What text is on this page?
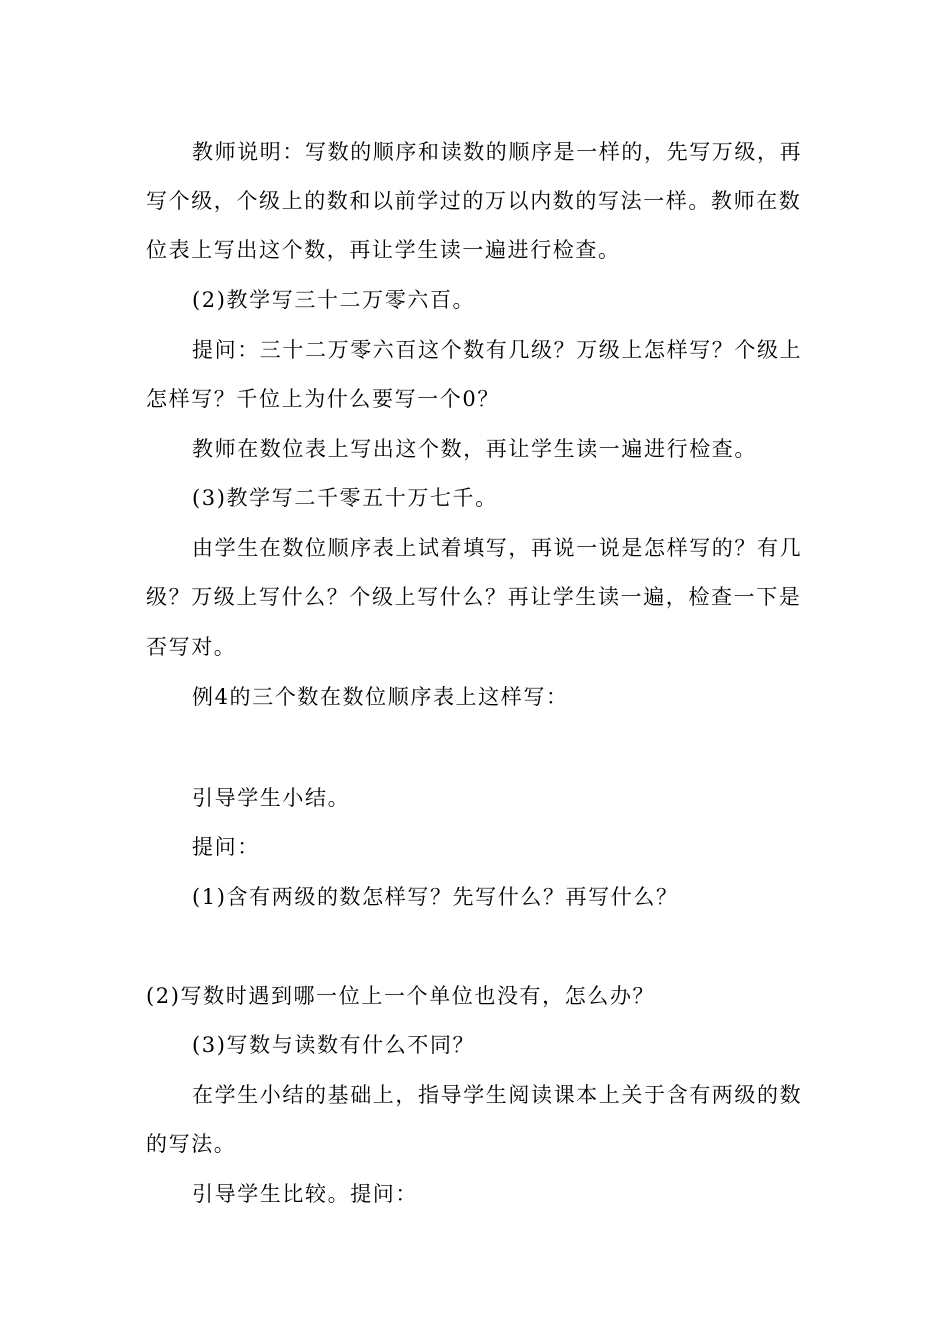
教师说明：写数的顺序和读数的顺序是一样的，先写万级，再
写个级，个级上的数和以前学过的万以内数的写法一样。教师在数
位表上写出这个数，再让学生读一遍进行检查。
(2)教学写三十二万零六百。
提问：三十二万零六百这个数有几级？万级上怎样写？个级上
怎样写？千位上为什么要写一个0？
教师在数位表上写出这个数，再让学生读一遍进行检查。
(3)教学写二千零五十万七千。
由学生在数位顺序表上试着填写，再说一说是怎样写的？有几
级？万级上写什么？个级上写什么？再让学生读一遍，检查一下是
否写对。
例4的三个数在数位顺序表上这样写：
引导学生小结。
提问：
(1)含有两级的数怎样写？先写什么？再写什么？
(2)写数时遇到哪一位上一个单位也没有，怎么办？
(3)写数与读数有什么不同？
在学生小结的基础上，指导学生阅读课本上关于含有两级的数
的写法。
引导学生比较。提问：
